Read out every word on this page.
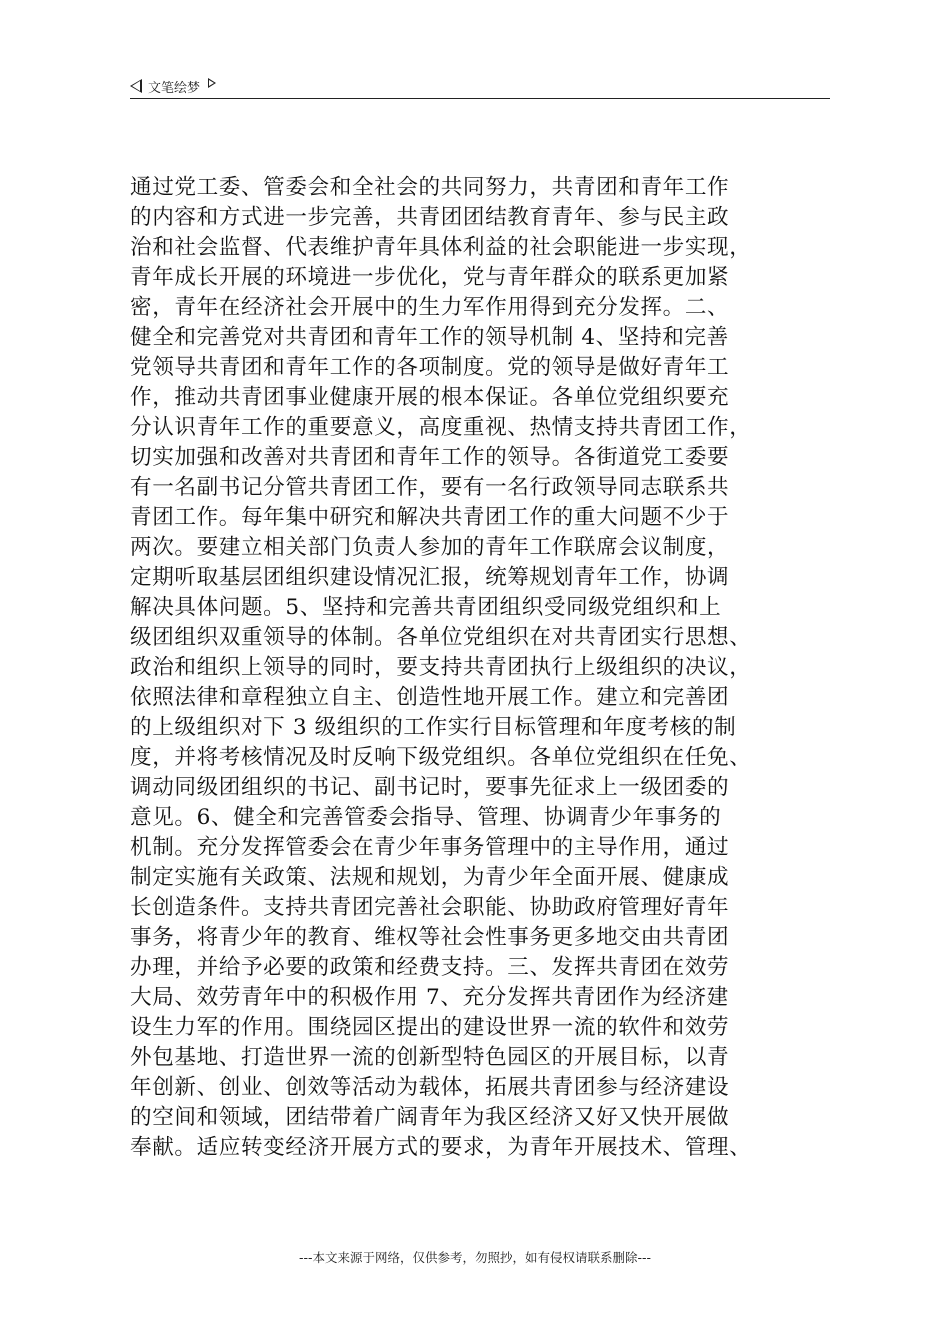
文笔绘梦
通过党工委、管委会和全社会的共同努力，共青团和青年工作
的内容和方式进一步完善，共青团团结教育青年、参与民主政
治和社会监督、代表维护青年具体利益的社会职能进一步实现，
青年成长开展的环境进一步优化，党与青年群众的联系更加紧
密，青年在经济社会开展中的生力军作用得到充分发挥。二、
健全和完善党对共青团和青年工作的领导机制 4、坚持和完善
党领导共青团和青年工作的各项制度。党的领导是做好青年工
作，推动共青团事业健康开展的根本保证。各单位党组织要充
分认识青年工作的重要意义，高度重视、热情支持共青团工作，
切实加强和改善对共青团和青年工作的领导。各街道党工委要
有一名副书记分管共青团工作，要有一名行政领导同志联系共
青团工作。每年集中研究和解决共青团工作的重大问题不少于
两次。要建立相关部门负责人参加的青年工作联席会议制度，
定期听取基层团组织建设情况汇报，统筹规划青年工作，协调
解决具体问题。5、坚持和完善共青团组织受同级党组织和上
级团组织双重领导的体制。各单位党组织在对共青团实行思想、
政治和组织上领导的同时，要支持共青团执行上级组织的决议，
依照法律和章程独立自主、创造性地开展工作。建立和完善团
的上级组织对下 3 级组织的工作实行目标管理和年度考核的制
度，并将考核情况及时反响下级党组织。各单位党组织在任免、
调动同级团组织的书记、副书记时，要事先征求上一级团委的
意见。6、健全和完善管委会指导、管理、协调青少年事务的
机制。充分发挥管委会在青少年事务管理中的主导作用，通过
制定实施有关政策、法规和规划，为青少年全面开展、健康成
长创造条件。支持共青团完善社会职能、协助政府管理好青年
事务，将青少年的教育、维权等社会性事务更多地交由共青团
办理，并给予必要的政策和经费支持。三、发挥共青团在效劳
大局、效劳青年中的积极作用 7、充分发挥共青团作为经济建
设生力军的作用。围绕园区提出的建设世界一流的软件和效劳
外包基地、打造世界一流的创新型特色园区的开展目标，以青
年创新、创业、创效等活动为载体，拓展共青团参与经济建设
的空间和领域，团结带着广阔青年为我区经济又好又快开展做
奉献。适应转变经济开展方式的要求，为青年开展技术、管理、
---本文来源于网络，仅供参考，勿照抄，如有侵权请联系删除---
